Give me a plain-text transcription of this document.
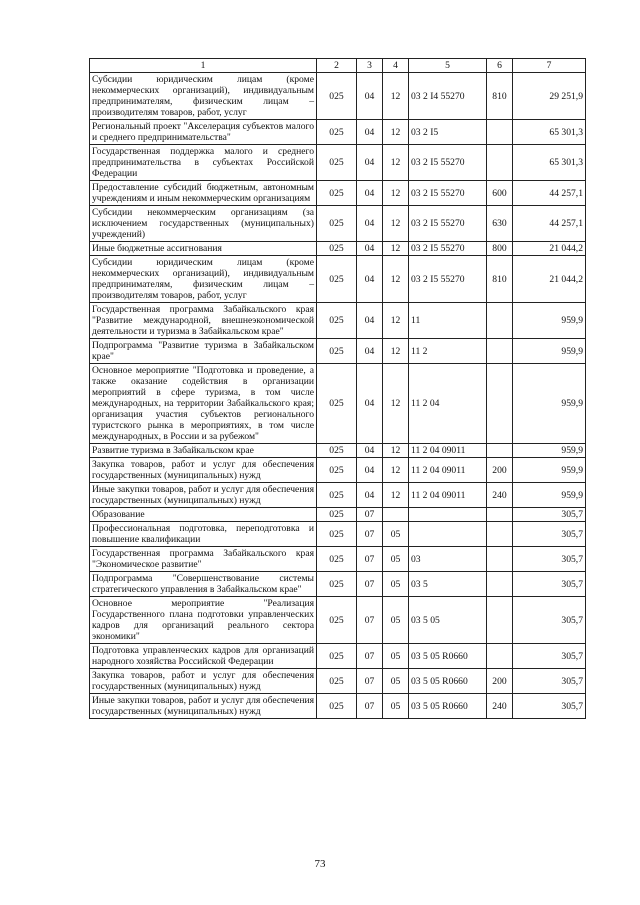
1	2	3	4	5	6	7
Субсидии юридическим лицам (кроме некоммерческих организаций), индивидуальным предпринимателям, физическим лицам – производителям товаров, работ, услуг	025	04	12	03 2 I4 55270	810	29 251,9
Региональный проект "Акселерация субъектов малого и среднего предпринимательства"	025	04	12	03 2 I5		65 301,3
Государственная поддержка малого и среднего предпринимательства в субъектах Российской Федерации	025	04	12	03 2 I5 55270		65 301,3
Предоставление субсидий бюджетным, автономным учреждениям и иным некоммерческим организациям	025	04	12	03 2 I5 55270	600	44 257,1
Субсидии некоммерческим организациям (за исключением государственных (муниципальных) учреждений)	025	04	12	03 2 I5 55270	630	44 257,1
Иные бюджетные ассигнования	025	04	12	03 2 I5 55270	800	21 044,2
Субсидии юридическим лицам (кроме некоммерческих организаций), индивидуальным предпринимателям, физическим лицам – производителям товаров, работ, услуг	025	04	12	03 2 I5 55270	810	21 044,2
Государственная программа Забайкальского края "Развитие международной, внешнеэкономической деятельности и туризма в Забайкальском крае"	025	04	12	11		959,9
Подпрограмма "Развитие туризма в Забайкальском крае"	025	04	12	11 2		959,9
Основное мероприятие "Подготовка и проведение, а также оказание содействия в организации мероприятий в сфере туризма, в том числе международных, на территории Забайкальского края; организация участия субъектов регионального туристского рынка в мероприятиях, в том числе международных, в России и за рубежом"	025	04	12	11 2 04		959,9
Развитие туризма в Забайкальском крае	025	04	12	11 2 04 09011		959,9
Закупка товаров, работ и услуг для обеспечения государственных (муниципальных) нужд	025	04	12	11 2 04 09011	200	959,9
Иные закупки товаров, работ и услуг для обеспечения государственных (муниципальных) нужд	025	04	12	11 2 04 09011	240	959,9
Образование	025	07				305,7
Профессиональная подготовка, переподготовка и повышение квалификации	025	07	05			305,7
Государственная программа Забайкальского края "Экономическое развитие"	025	07	05	03		305,7
Подпрограмма "Совершенствование системы стратегического управления в Забайкальском крае"	025	07	05	03 5		305,7
Основное мероприятие "Реализация Государственного плана подготовки управленческих кадров для организаций реального сектора экономики"	025	07	05	03 5 05		305,7
Подготовка управленческих кадров для организаций народного хозяйства Российской Федерации	025	07	05	03 5 05 R0660		305,7
Закупка товаров, работ и услуг для обеспечения государственных (муниципальных) нужд	025	07	05	03 5 05 R0660	200	305,7
Иные закупки товаров, работ и услуг для обеспечения государственных (муниципальных) нужд	025	07	05	03 5 05 R0660	240	305,7
73
